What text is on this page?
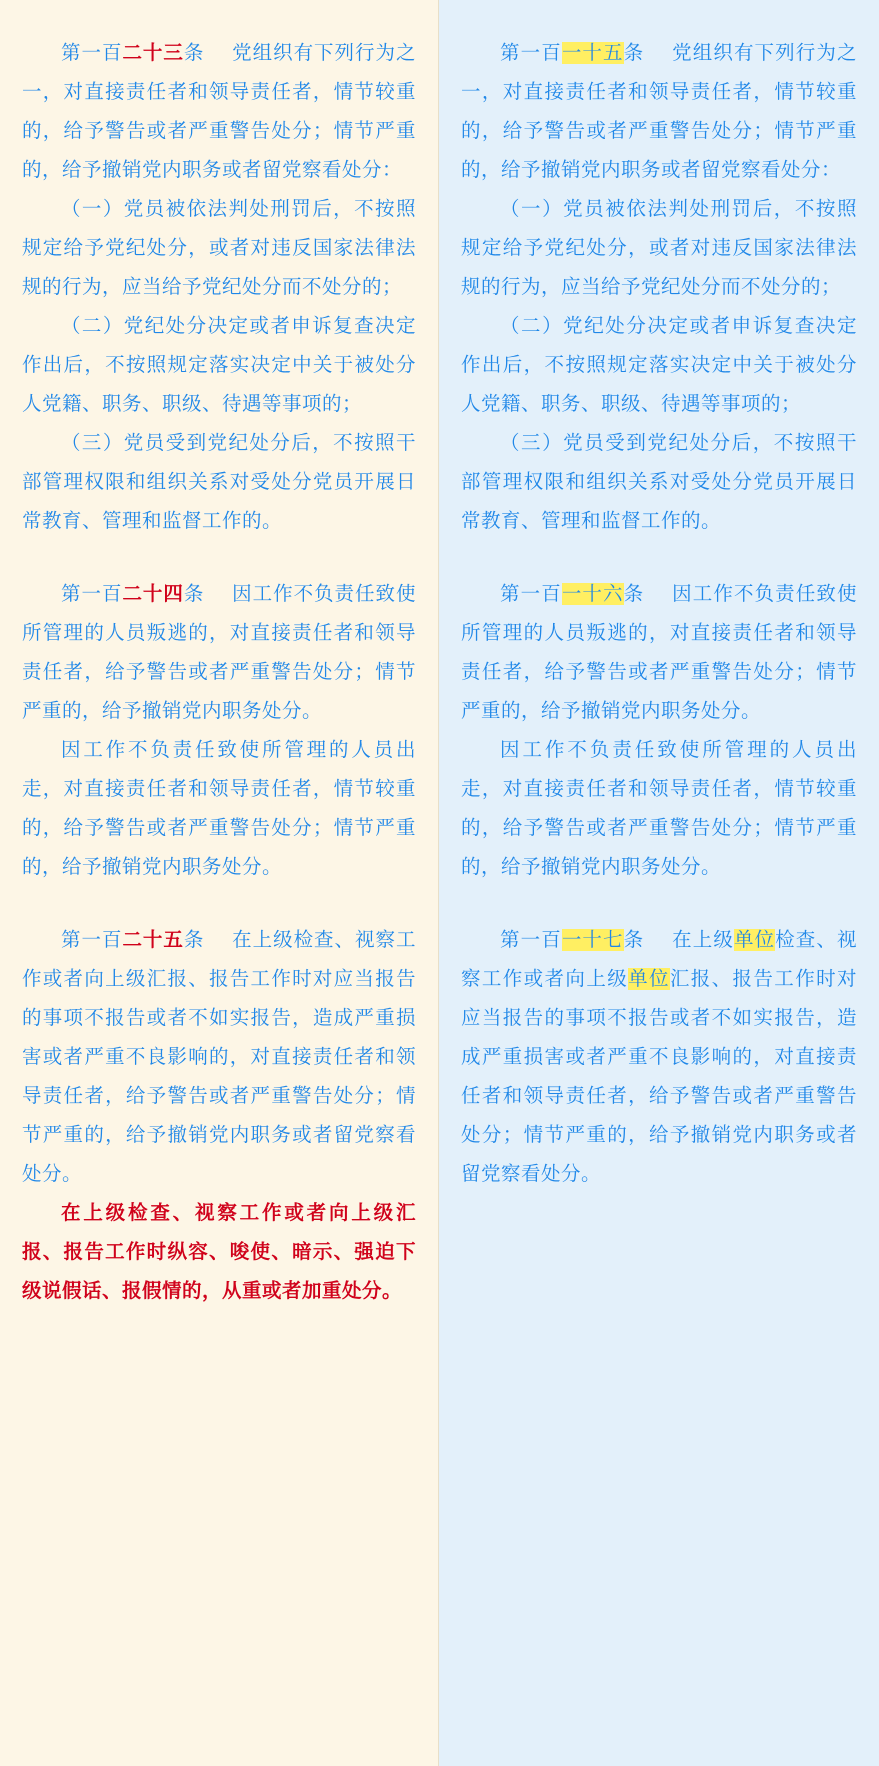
第一百二十三条 党组织有下列行为之一，对直接责任者和领导责任者，情节较重的，给予警告或者严重警告处分；情节严重的，给予撤销党内职务或者留党察看处分：

（一）党员被依法判处刑罚后，不按照规定给予党纪处分，或者对违反国家法律法规的行为，应当给予党纪处分而不处分的；

（二）党纪处分决定或者申诉复查决定作出后，不按照规定落实决定中关于被处分人党籍、职务、职级、待遇等事项的；

（三）党员受到党纪处分后，不按照干部管理权限和组织关系对受处分党员开展日常教育、管理和监督工作的。

第一百二十四条 因工作不负责任致使所管理的人员叛逃的，对直接责任者和领导责任者，给予警告或者严重警告处分；情节严重的，给予撤销党内职务处分。

因工作不负责任致使所管理的人员出走，对直接责任者和领导责任者，情节较重的，给予警告或者严重警告处分；情节严重的，给予撤销党内职务处分。

第一百二十五条 在上级检查、视察工作或者向上级汇报、报告工作时对应当报告的事项不报告或者不如实报告，造成严重损害或者严重不良影响的，对直接责任者和领导责任者，给予警告或者严重警告处分；情节严重的，给予撤销党内职务或者留党察看处分。

在上级检查、视察工作或者向上级汇报、报告工作时纵容、唆使、暗示、强迫下级说假话、报假情的，从重或者加重处分。

第一百一十五条 党组织有下列行为之一，对直接责任者和领导责任者，情节较重的，给予警告或者严重警告处分；情节严重的，给予撤销党内职务或者留党察看处分：

（一）党员被依法判处刑罚后，不按照规定给予党纪处分，或者对违反国家法律法规的行为，应当给予党纪处分而不处分的；

（二）党纪处分决定或者申诉复查决定作出后，不按照规定落实决定中关于被处分人党籍、职务、职级、待遇等事项的；

（三）党员受到党纪处分后，不按照干部管理权限和组织关系对受处分党员开展日常教育、管理和监督工作的。

第一百一十六条 因工作不负责任致使所管理的人员叛逃的，对直接责任者和领导责任者，给予警告或者严重警告处分；情节严重的，给予撤销党内职务处分。

因工作不负责任致使所管理的人员出走，对直接责任者和领导责任者，情节较重的，给予警告或者严重警告处分；情节严重的，给予撤销党内职务处分。

第一百一十七条 在上级单位检查、视察工作或者向上级单位汇报、报告工作时对应当报告的事项不报告或者不如实报告，造成严重损害或者严重不良影响的，对直接责任者和领导责任者，给予警告或者严重警告处分；情节严重的，给予撤销党内职务或者留党察看处分。
